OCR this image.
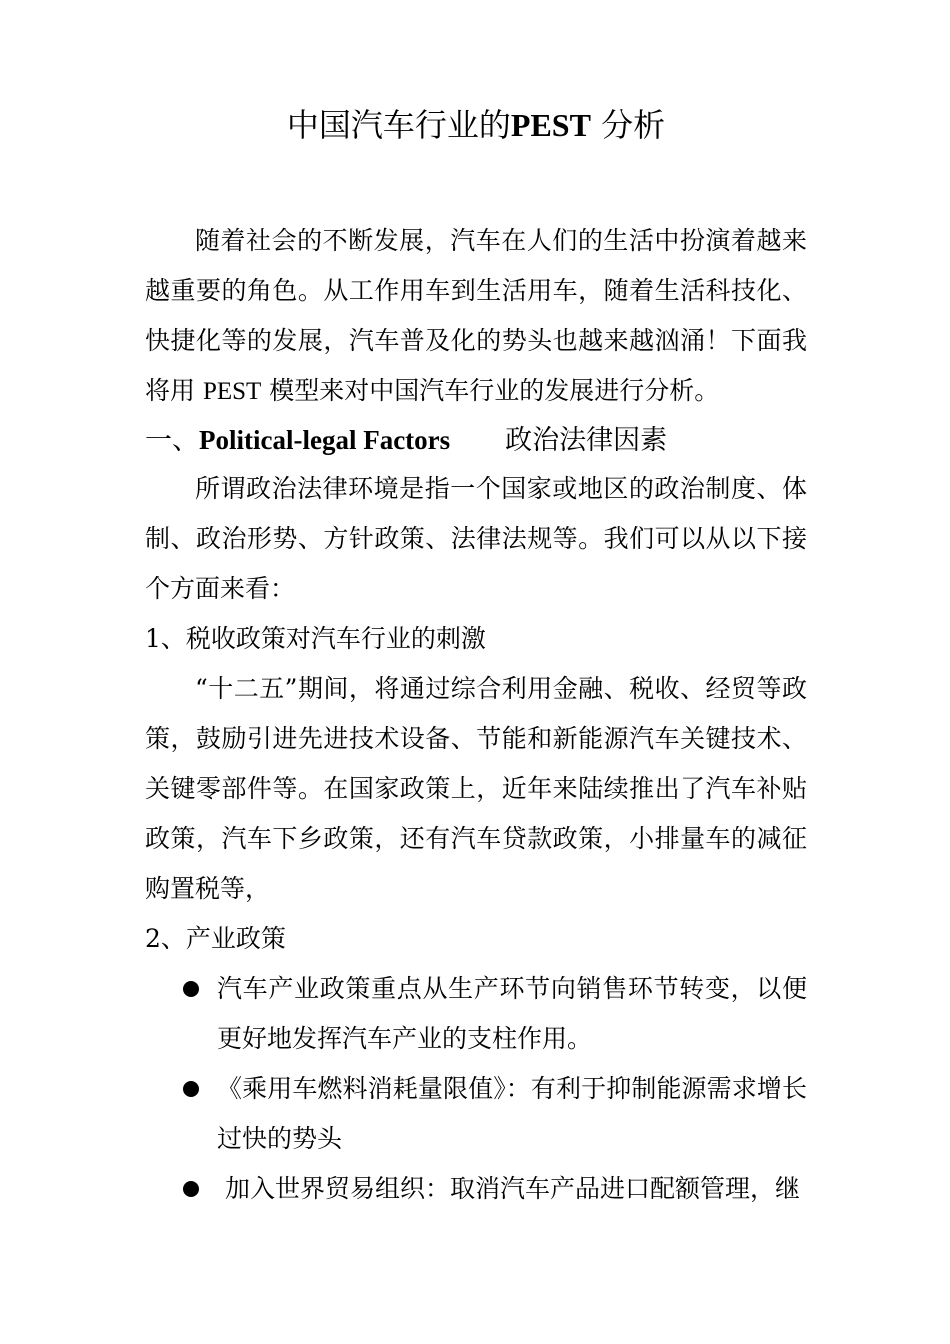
中国汽车行业的PEST 分析

随着社会的不断发展，汽车在人们的生活中扮演着越来越重要的角色。从工作用车到生活用车，随着生活科技化、快捷化等的发展，汽车普及化的势头也越来越汹涌！下面我将用 PEST 模型来对中国汽车行业的发展进行分析。

一、Political-legal Factors 政治法律因素

所谓政治法律环境是指一个国家或地区的政治制度、体制、政治形势、方针政策、法律法规等。我们可以从以下接个方面来看：

1、税收政策对汽车行业的刺激

“十二五”期间，将通过综合利用金融、税收、经贸等政策，鼓励引进先进技术设备、节能和新能源汽车关键技术、关键零部件等。在国家政策上，近年来陆续推出了汽车补贴政策，汽车下乡政策，还有汽车贷款政策，小排量车的减征购置税等，

2、产业政策

汽车产业政策重点从生产环节向销售环节转变，以便更好地发挥汽车产业的支柱作用。
《乘用车燃料消耗量限值》：有利于抑制能源需求增长过快的势头
加入世界贸易组织：取消汽车产品进口配额管理，继
